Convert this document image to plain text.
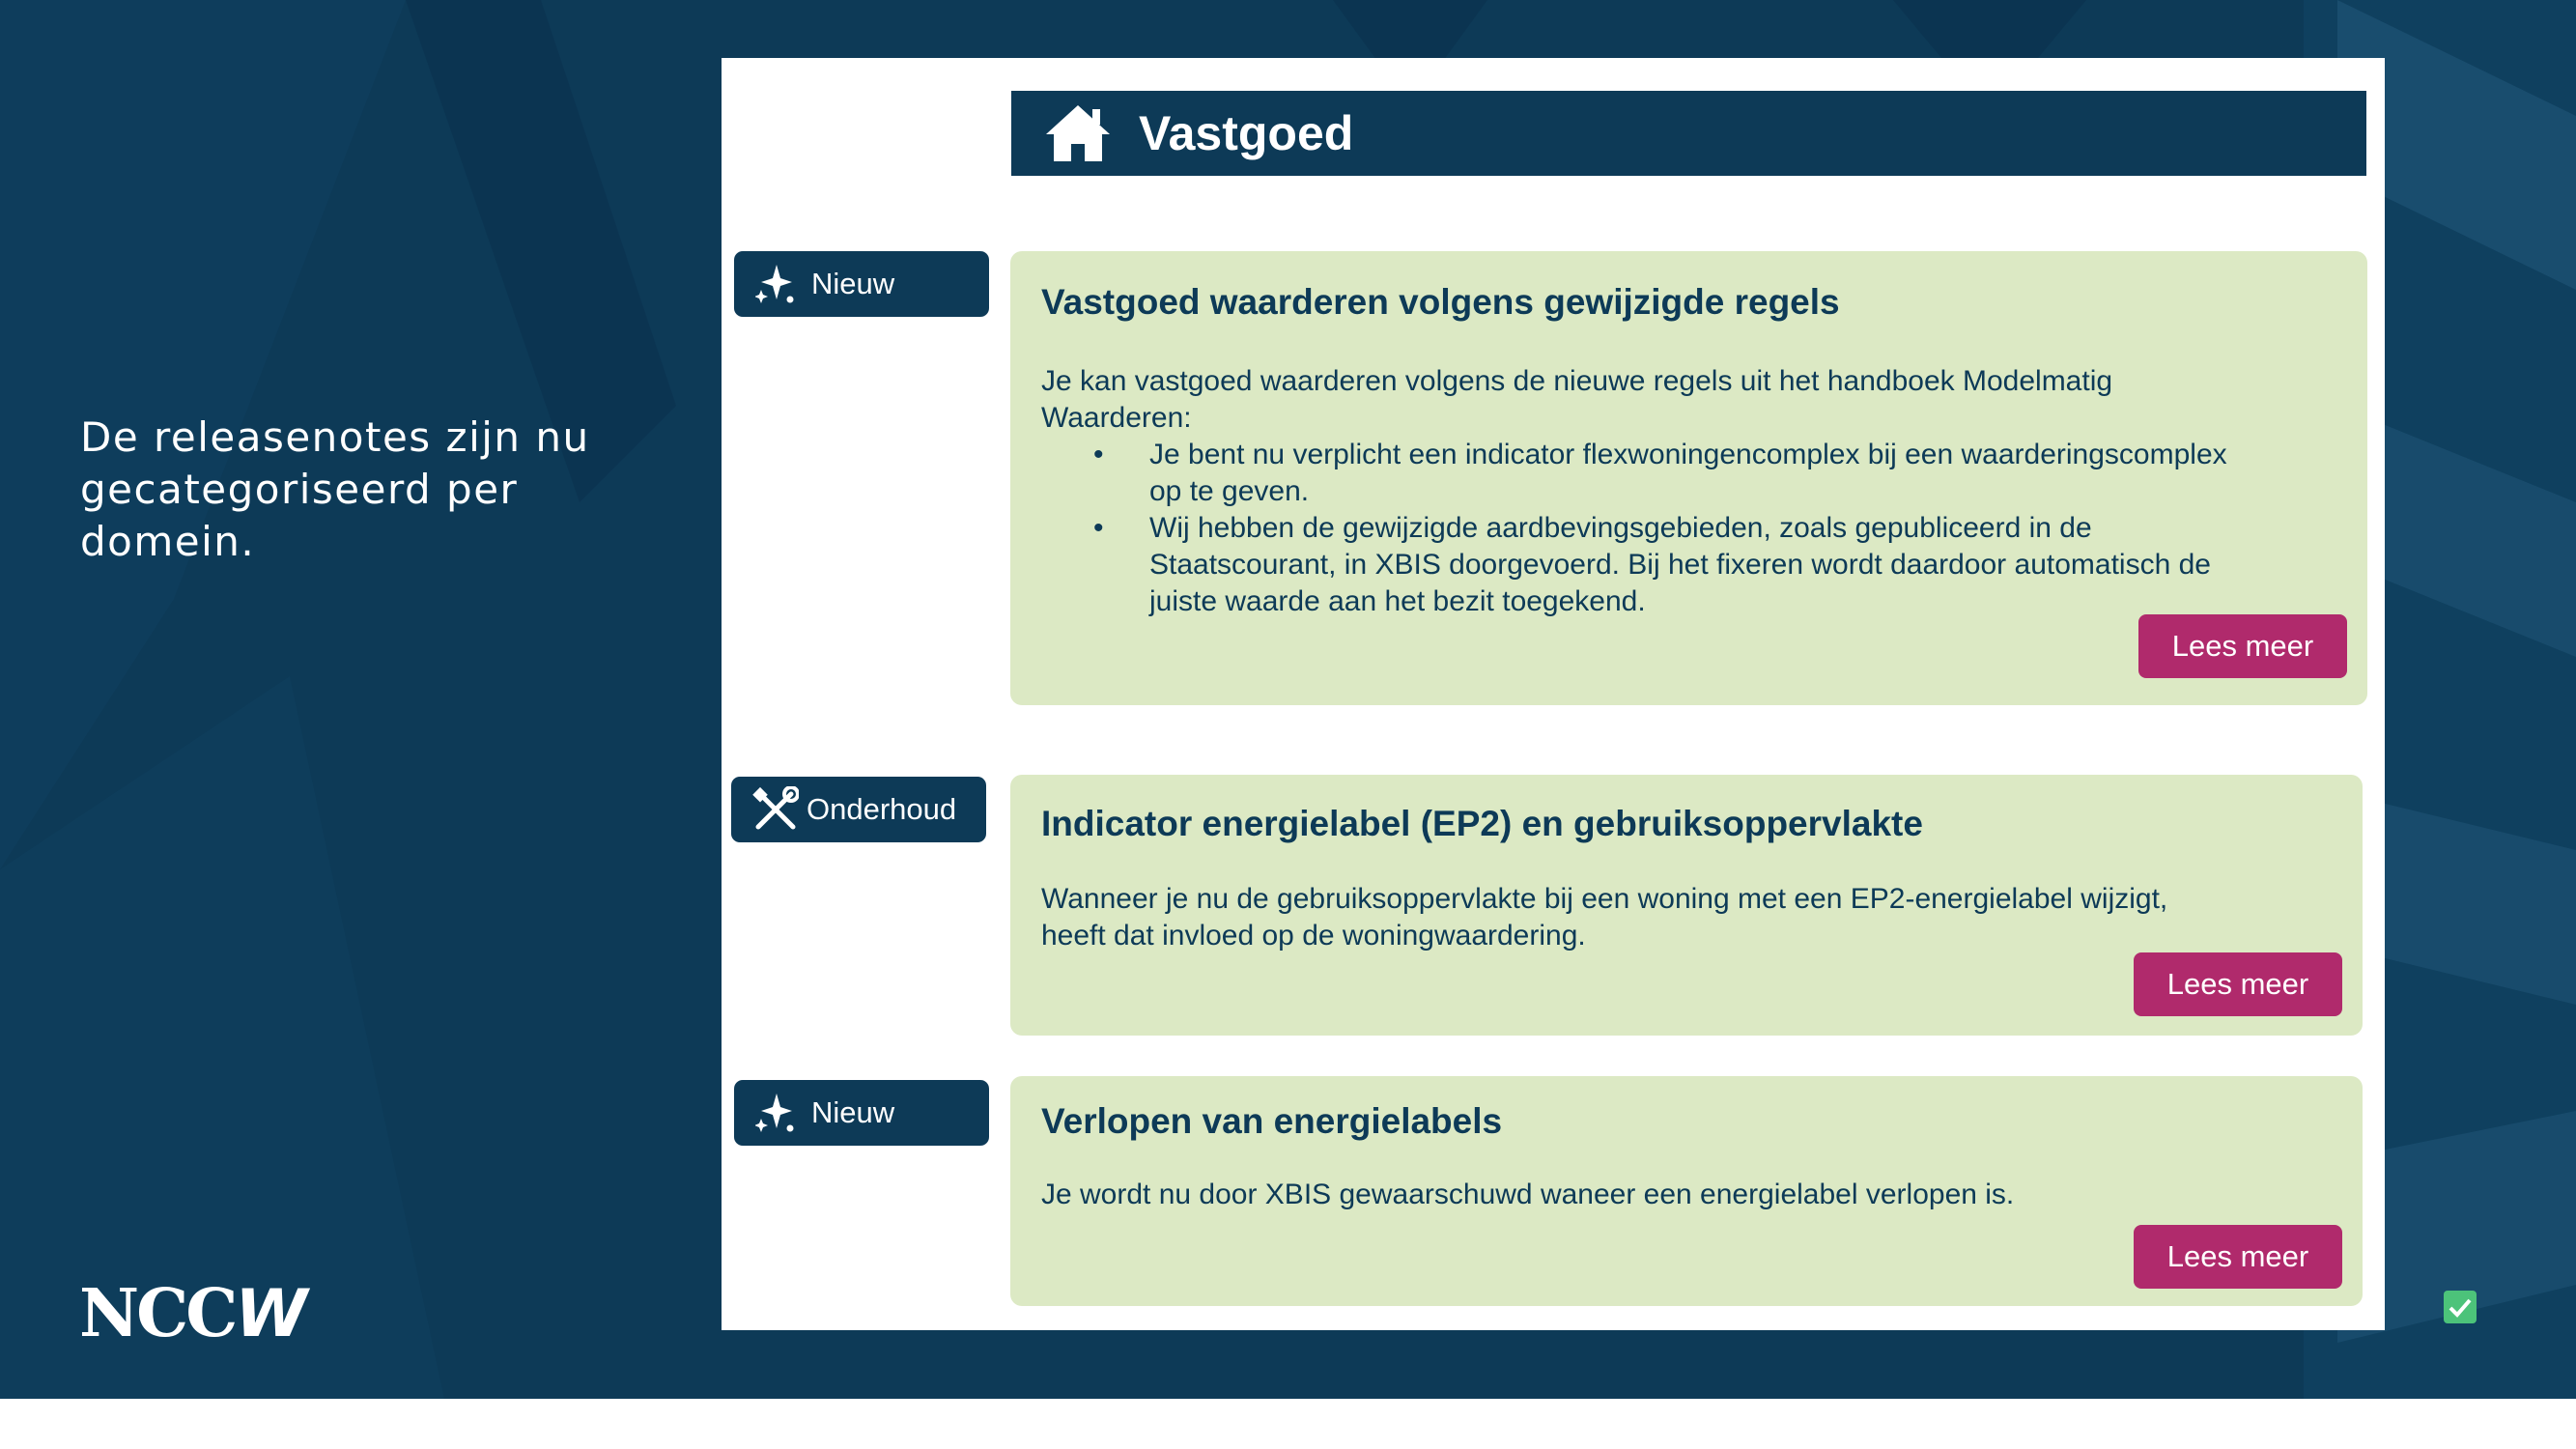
De releasenotes zijn nu gecategoriseerd per domein.
NCCW
Vastgoed
Nieuw	Vastgoed waarderen volgens gewijzigde regels
Je kan vastgoed waarderen volgens de nieuwe regels uit het handboek Modelmatig
Waarderen:
• Je bent nu verplicht een indicator flexwoningencomplex bij een waarderingscomplex
op te geven.
• Wij hebben de gewijzigde aardbevingsgebieden, zoals gepubliceerd in de
Staatscourant, in XBIS doorgevoerd. Bij het fixeren wordt daardoor automatisch de
juiste waarde aan het bezit toegekend.
Lees meer
Onderhoud Indicator energielabel (EP2) en gebruiksoppervlakte
Wanneer je nu de gebruiksoppervlakte bij een woning met een EP2-energielabel wijzigt,
heeft dat invloed op de woningwaardering.
Lees meer
Nieuw	Verlopen van energielabels
Je wordt nu door XBIS gewaarschuwd waneer een energielabel verlopen is.
Lees meer
